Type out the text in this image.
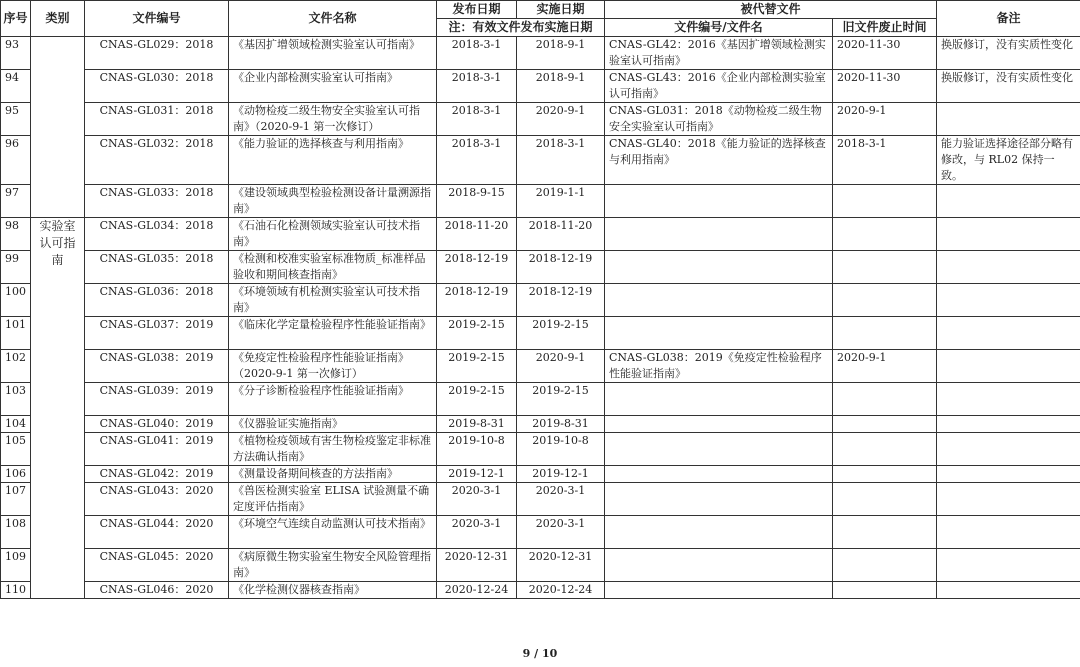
序号	类别	文件编号	文件名称	发布日期	实施日期	被代替文件		备注
				注：有效文件发布实施日期		文件编号/文件名	旧文件废止时间	
93		CNAS-GL029：2018	《基因扩增领域检测实验室认可指南》	2018-3-1	2018-9-1	CNAS-GL42：2016《基因扩增领域检测实验室认可指南》	2020-11-30	换版修订，没有实质性变化
94		CNAS-GL030：2018	《企业内部检测实验室认可指南》	2018-3-1	2018-9-1	CNAS-GL43：2016《企业内部检测实验室认可指南》	2020-11-30	换版修订，没有实质性变化
95		CNAS-GL031：2018	《动物检疫二级生物安全实验室认可指南》（2020-9-1 第一次修订）	2018-3-1	2020-9-1	CNAS-GL031：2018《动物检疫二级生物安全实验室认可指南》	2020-9-1	
96		CNAS-GL032：2018	《能力验证的选择核查与利用指南》	2018-3-1	2018-3-1	CNAS-GL40：2018《能力验证的选择核查与利用指南》	2018-3-1	能力验证选择途径部分略有修改，与 RL02 保持一致。
97		CNAS-GL033：2018	《建设领域典型检验检测设备计量溯源指南》	2018-9-15	2019-1-1			
98	实验室认可指南	CNAS-GL034：2018	《石油石化检测领域实验室认可技术指南》	2018-11-20	2018-11-20			
99		CNAS-GL035：2018	《检测和校准实验室标准物质_标准样品验收和期间核查指南》	2018-12-19	2018-12-19			
100		CNAS-GL036：2018	《环境领域有机检测实验室认可技术指南》	2018-12-19	2018-12-19			
101		CNAS-GL037：2019	《临床化学定量检验程序性能验证指南》	2019-2-15	2019-2-15			
102		CNAS-GL038：2019	《免疫定性检验程序性能验证指南》（2020-9-1 第一次修订）	2019-2-15	2020-9-1	CNAS-GL038：2019《免疫定性检验程序性能验证指南》	2020-9-1	
103		CNAS-GL039：2019	《分子诊断检验程序性能验证指南》	2019-2-15	2019-2-15			
104		CNAS-GL040：2019	《仪器验证实施指南》	2019-8-31	2019-8-31			
105		CNAS-GL041：2019	《植物检疫领域有害生物检疫鉴定非标准方法确认指南》	2019-10-8	2019-10-8			
106		CNAS-GL042：2019	《测量设备期间核查的方法指南》	2019-12-1	2019-12-1			
107		CNAS-GL043：2020	《兽医检测实验室 ELISA 试验测量不确定度评估指南》	2020-3-1	2020-3-1			
108		CNAS-GL044：2020	《环境空气连续自动监测认可技术指南》	2020-3-1	2020-3-1			
109		CNAS-GL045：2020	《病原微生物实验室生物安全风险管理指南》	2020-12-31	2020-12-31			
110		CNAS-GL046：2020	《化学检测仪器核查指南》	2020-12-24	2020-12-24			
9 / 10
